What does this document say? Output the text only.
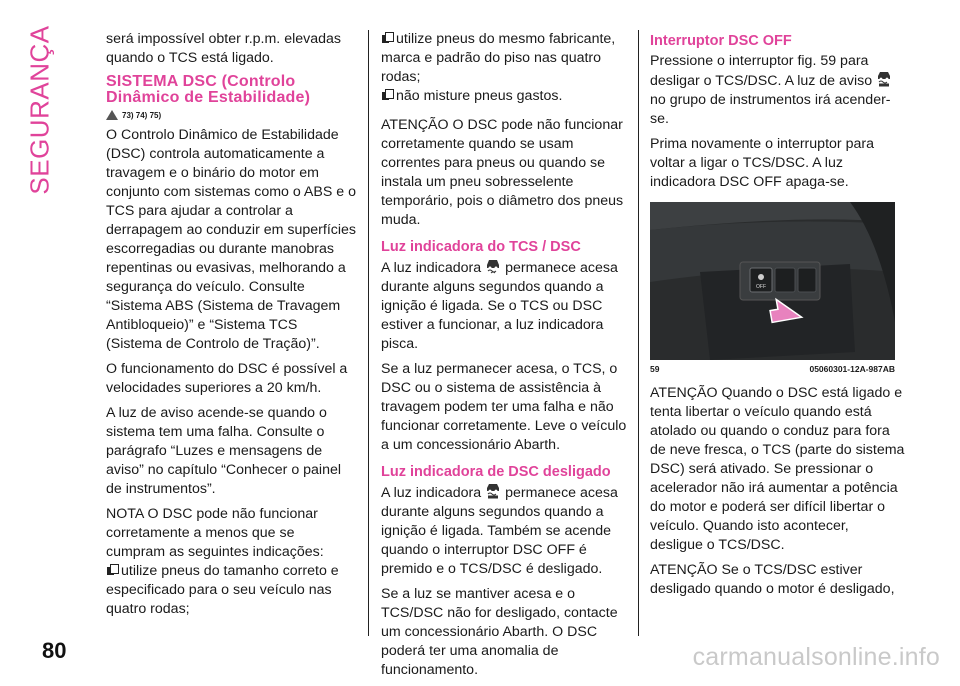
SEGURANÇA	será impossível obter r.p.m. elevadas quando o TCS está ligado.

SISTEMA DSC (Controlo Dinâmico de Estabilidade)
73) 74) 75)

O Controlo Dinâmico de Estabilidade (DSC) controla automaticamente a travagem e o binário do motor em conjunto com sistemas como o ABS e o TCS para ajudar a controlar a derrapagem ao conduzir em superfícies escorregadias ou durante manobras repentinas ou evasivas, melhorando a segurança do veículo. Consulte “Sistema ABS (Sistema de Travagem Antibloqueio)” e “Sistema TCS (Sistema de Controlo de Tração)”.

O funcionamento do DSC é possível a velocidades superiores a 20 km/h.

A luz de aviso acende-se quando o sistema tem uma falha. Consulte o parágrafo “Luzes e mensagens de aviso” no capítulo “Conhecer o painel de instrumentos”.

NOTA O DSC pode não funcionar corretamente a menos que se cumpram as seguintes indicações:

utilize pneus do tamanho correto e especificado para o seu veículo nas quatro rodas;

utilize pneus do mesmo fabricante, marca e padrão do piso nas quatro rodas;

não misture pneus gastos.

ATENÇÃO O DSC pode não funcionar corretamente quando se usam correntes para pneus ou quando se instala um pneu sobresselente temporário, pois o diâmetro dos pneus muda.

Luz indicadora do TCS / DSC

A luz indicadora permanece acesa durante alguns segundos quando a ignição é ligada. Se o TCS ou DSC estiver a funcionar, a luz indicadora pisca.

Se a luz permanecer acesa, o TCS, o DSC ou o sistema de assistência à travagem podem ter uma falha e não funcionar corretamente. Leve o veículo a um concessionário Abarth.

Luz indicadora de DSC desligado

A luz indicadora permanece acesa durante alguns segundos quando a ignição é ligada. Também se acende quando o interruptor DSC OFF é premido e o TCS/DSC é desligado.

Se a luz se mantiver acesa e o TCS/DSC não for desligado, contacte um concessionário Abarth. O DSC poderá ter uma anomalia de funcionamento.

Interruptor DSC OFF

Pressione o interruptor fig. 59 para desligar o TCS/DSC. A luz de aviso  no grupo de instrumentos irá acender-se.

Prima novamente o interruptor para voltar a ligar o TCS/DSC. A luz indicadora DSC OFF apaga-se.

OFF
59	05060301-12A-987AB

ATENÇÃO Quando o DSC está ligado e tenta libertar o veículo quando está atolado ou quando o conduz para fora de neve fresca, o TCS (parte do sistema DSC) será ativado. Se pressionar o acelerador não irá aumentar a potência do motor e poderá ser difícil libertar o veículo. Quando isto acontecer, desligue o TCS/DSC.

ATENÇÃO Se o TCS/DSC estiver desligado quando o motor é desligado,

80	carmanualsonline.info
